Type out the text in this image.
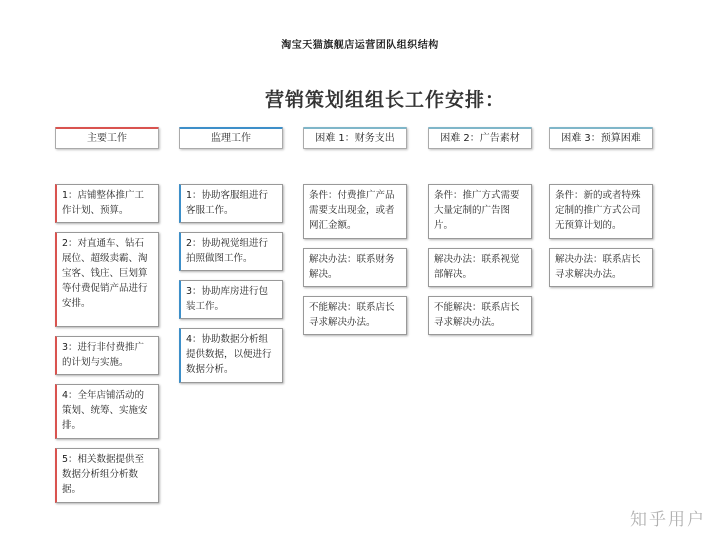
淘宝天猫旗舰店运营团队组织结构
营销策划组组长工作安排：
主要工作
1：店铺整体推广工作计划、预算。
2：对直通车、钻石展位、超级卖霸、淘宝客、钱庄、巨划算等付费促销产品进行安排。
3：进行非付费推广的计划与实施。
4：全年店铺活动的策划、统筹、实施安排。
5：相关数据提供至数据分析组分析数据。
监理工作
1：协助客服组进行客服工作。
2：协助视觉组进行拍照做图工作。
3：协助库房进行包装工作。
4：协助数据分析组提供数据，以便进行数据分析。
困难 1：财务支出
条件：付费推广产品需要支出现金，或者网汇金额。
解决办法：联系财务解决。
不能解决：联系店长寻求解决办法。
困难 2：广告素材
条件：推广方式需要大量定制的广告图片。
解决办法：联系视觉部解决。
不能解决：联系店长寻求解决办法。
困难 3：预算困难
条件：新的或者特殊定制的推广方式公司无预算计划的。
解决办法：联系店长寻求解决办法。
知乎用户
